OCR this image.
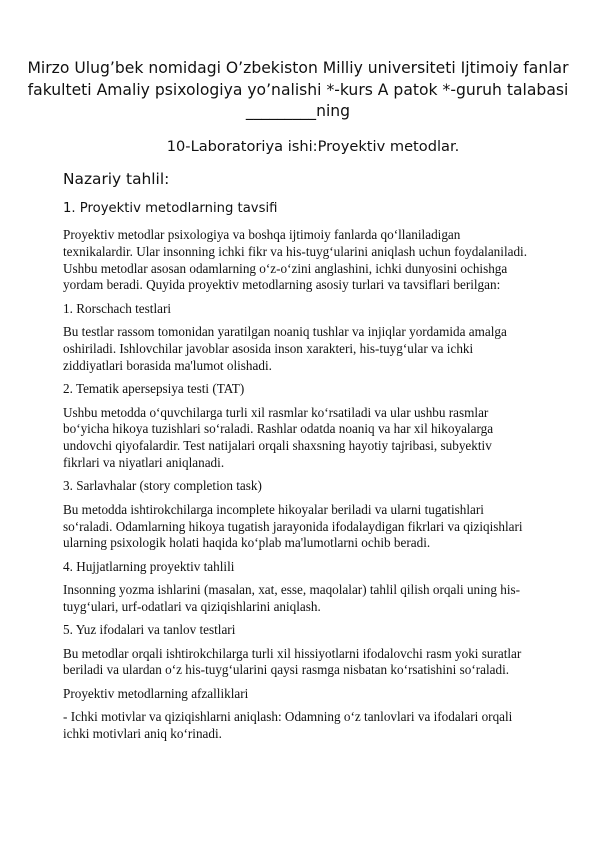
Mirzo Ulug’bek nomidagi O’zbekiston Milliy universiteti Ijtimoiy fanlar
fakulteti Amaliy psixologiya yo’nalishi *-kurs A patok *-guruh talabasi
_________ning
10-Laboratoriya ishi:Proyektiv metodlar.
Nazariy tahlil:
1. Proyektiv metodlarning tavsifi

Proyektiv metodlar psixologiya va boshqa ijtimoiy fanlarda qo‘llaniladigan
texnikalardir. Ular insonning ichki fikr va his-tuyg‘ularini aniqlash uchun foydalaniladi.
Ushbu metodlar asosan odamlarning o‘z-o‘zini anglashini, ichki dunyosini ochishga
yordam beradi. Quyida proyektiv metodlarning asosiy turlari va tavsiflari berilgan:

1. Rorschach testlari

Bu testlar rassom tomonidan yaratilgan noaniq tushlar va injiqlar yordamida amalga
oshiriladi. Ishlovchilar javoblar asosida inson xarakteri, his-tuyg‘ular va ichki
ziddiyatlari borasida ma'lumot olishadi.

2. Tematik apersepsiya testi (TAT)

Ushbu metodda o‘quvchilarga turli xil rasmlar ko‘rsatiladi va ular ushbu rasmlar
bo‘yicha hikoya tuzishlari so‘raladi. Rashlar odatda noaniq va har xil hikoyalarga
undovchi qiyofalardir. Test natijalari orqali shaxsning hayotiy tajribasi, subyektiv
fikrlari va niyatlari aniqlanadi.

3. Sarlavhalar (story completion task)

Bu metodda ishtirokchilarga incomplete hikoyalar beriladi va ularni tugatishlari
so‘raladi. Odamlarning hikoya tugatish jarayonida ifodalaydigan fikrlari va qiziqishlari
ularning psixologik holati haqida ko‘plab ma'lumotlarni ochib beradi.

4. Hujjatlarning proyektiv tahlili

Insonning yozma ishlarini (masalan, xat, esse, maqolalar) tahlil qilish orqali uning his-
tuyg‘ulari, urf-odatlari va qiziqishlarini aniqlash.

5. Yuz ifodalari va tanlov testlari

Bu metodlar orqali ishtirokchilarga turli xil hissiyotlarni ifodalovchi rasm yoki suratlar
beriladi va ulardan o‘z his-tuyg‘ularini qaysi rasmga nisbatan ko‘rsatishini so‘raladi.

Proyektiv metodlarning afzalliklari

- Ichki motivlar va qiziqishlarni aniqlash: Odamning o‘z tanlovlari va ifodalari orqali
ichki motivlari aniq ko‘rinadi.
